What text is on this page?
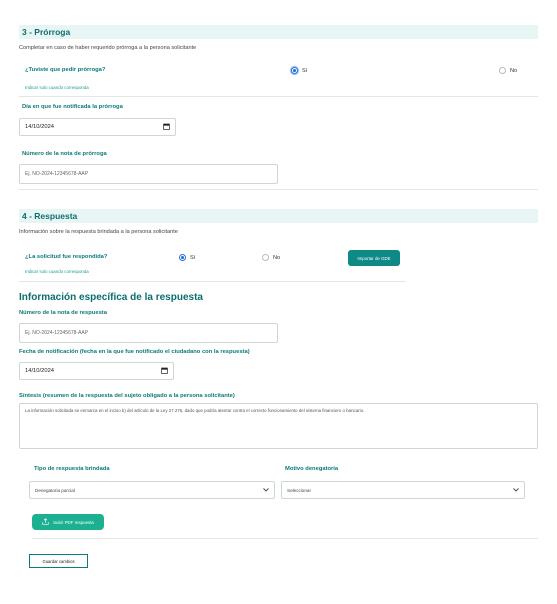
3 - Prórroga
Completar en caso de haber requerido prórroga a la persona solicitante
¿Tuviste que pedir prórroga?	Sí	No
Indicar solo cuando corresponda
Día en que fue notificada la prórroga
14/10/2024
Número de la nota de prórroga
Ej. NO-2024-12345678-AAP
4 - Respuesta
Información sobre la respuesta brindada a la persona solicitante
¿La solicitud fue respondida?	Sí	No	Importar de GDE
Indicar solo cuando corresponda
Información específica de la respuesta
Número de la nota de respuesta
Ej. NO-2024-12345678-AAP
Fecha de notificación (fecha en la que fue notificado el ciudadano con la respuesta)
14/10/2024
Síntesis (resumen de la respuesta del sujeto obligado a la persona solicitante)
La información solicitada se enmarca en el inciso b) del artículo de la Ley 27.275, dado que podría atentar contra el correcto funcionamiento del sistema financiero o bancario.
Tipo de respuesta brindada
Denegatoria parcial
Motivo denegatoria
Seleccionar
Subir PDF respuesta
Guardar cambios
